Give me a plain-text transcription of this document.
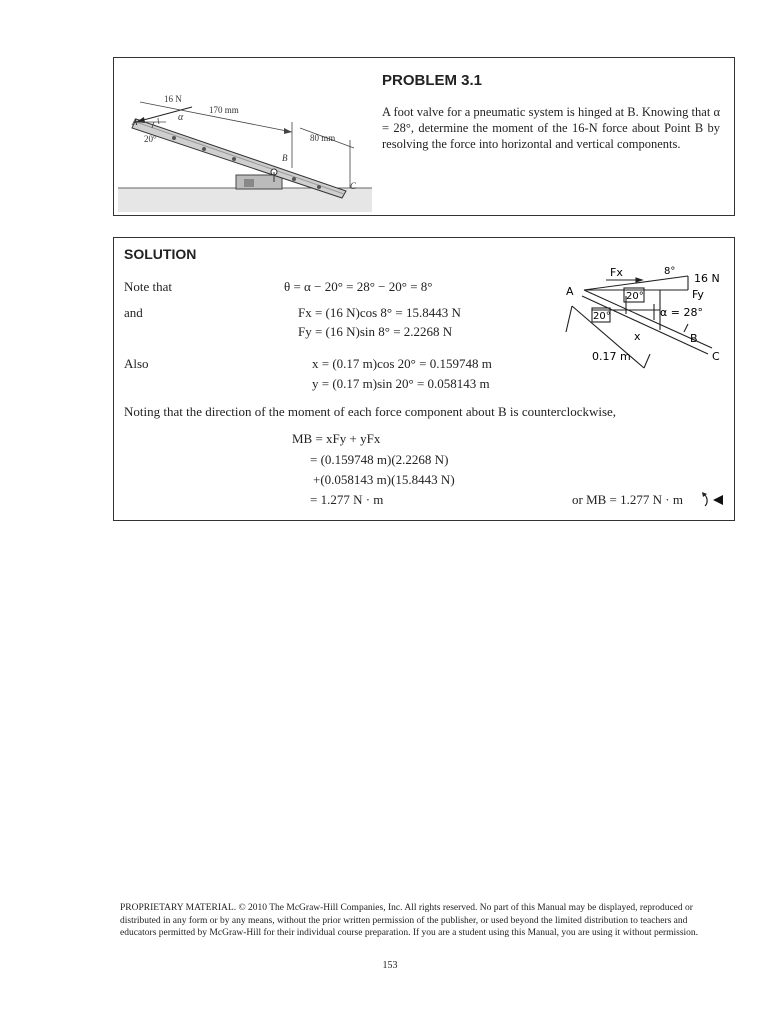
16 N
α
170 mm
80 mm
20°
A
B
C
PROBLEM 3.1
A foot valve for a pneumatic system is hinged at B. Knowing that α = 28°, determine the moment of the 16-N force about Point B by resolving the force into horizontal and vertical components.
SOLUTION
Note that	θ = α − 20° = 28° − 20° = 8°
and	Fx = (16 N)cos 8° = 15.8443 N
Fy = (16 N)sin 8° = 2.2268 N
Also	x = (0.17 m)cos 20° = 0.159748 m
y = (0.17 m)sin 20° = 0.058143 m
Noting that the direction of the moment of each force component about B is counterclockwise,
MB = xFy + yFx
= (0.159748 m)(2.2268 N)
+(0.058143 m)(15.8443 N)
= 1.277 N · m	or MB = 1.277 N · m
Fx	8°
16 N
Fy
A	20°
α = 28°
20°
x	B
C
0.17 m
PROPRIETARY MATERIAL. © 2010 The McGraw-Hill Companies, Inc. All rights reserved. No part of this Manual may be displayed, reproduced or distributed in any form or by any means, without the prior written permission of the publisher, or used beyond the limited distribution to teachers and educators permitted by McGraw-Hill for their individual course preparation. If you are a student using this Manual, you are using it without permission.
153
